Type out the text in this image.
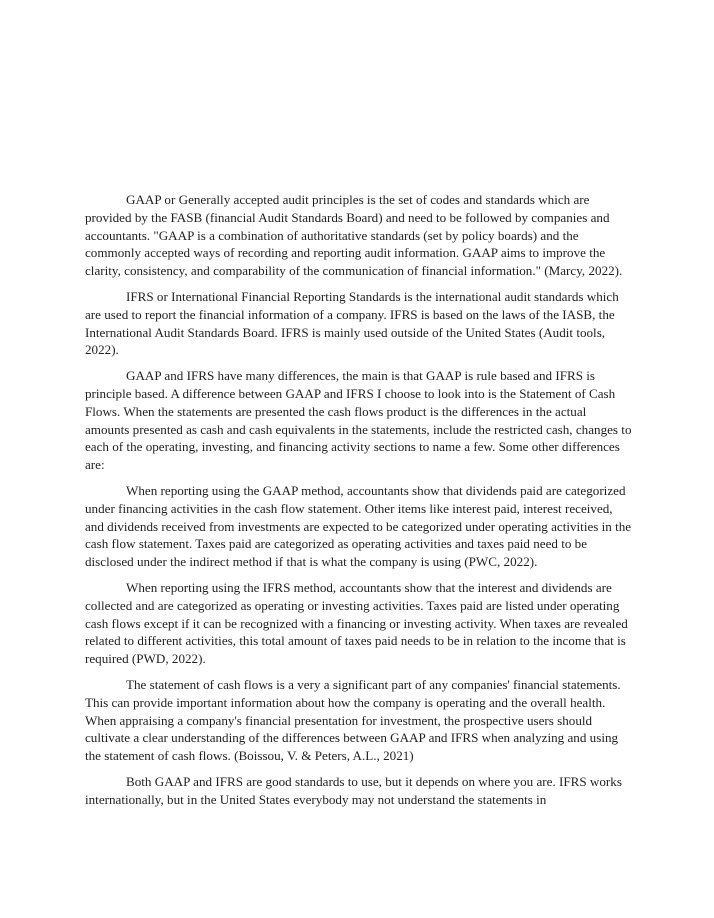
GAAP or Generally accepted audit principles is the set of codes and standards which are provided by the FASB (financial Audit Standards Board) and need to be followed by companies and accountants. "GAAP is a combination of authoritative standards (set by policy boards) and the commonly accepted ways of recording and reporting audit information. GAAP aims to improve the clarity, consistency, and comparability of the communication of financial information." (Marcy, 2022).

IFRS or International Financial Reporting Standards is the international audit standards which are used to report the financial information of a company. IFRS is based on the laws of the IASB, the International Audit Standards Board. IFRS is mainly used outside of the United States (Audit tools, 2022).

GAAP and IFRS have many differences, the main is that GAAP is rule based and IFRS is principle based. A difference between GAAP and IFRS I choose to look into is the Statement of Cash Flows. When the statements are presented the cash flows product is the differences in the actual amounts presented as cash and cash equivalents in the statements, include the restricted cash, changes to each of the operating, investing, and financing activity sections to name a few. Some other differences are:

When reporting using the GAAP method, accountants show that dividends paid are categorized under financing activities in the cash flow statement. Other items like interest paid, interest received, and dividends received from investments are expected to be categorized under operating activities in the cash flow statement. Taxes paid are categorized as operating activities and taxes paid need to be disclosed under the indirect method if that is what the company is using (PWC, 2022).

When reporting using the IFRS method, accountants show that the interest and dividends are collected and are categorized as operating or investing activities. Taxes paid are listed under operating cash flows except if it can be recognized with a financing or investing activity. When taxes are revealed related to different activities, this total amount of taxes paid needs to be in relation to the income that is required (PWD, 2022).

The statement of cash flows is a very a significant part of any companies' financial statements. This can provide important information about how the company is operating and the overall health. When appraising a company's financial presentation for investment, the prospective users should cultivate a clear understanding of the differences between GAAP and IFRS when analyzing and using the statement of cash flows. (Boissou, V. & Peters, A.L., 2021)

Both GAAP and IFRS are good standards to use, but it depends on where you are. IFRS works internationally, but in the United States everybody may not understand the statements in
